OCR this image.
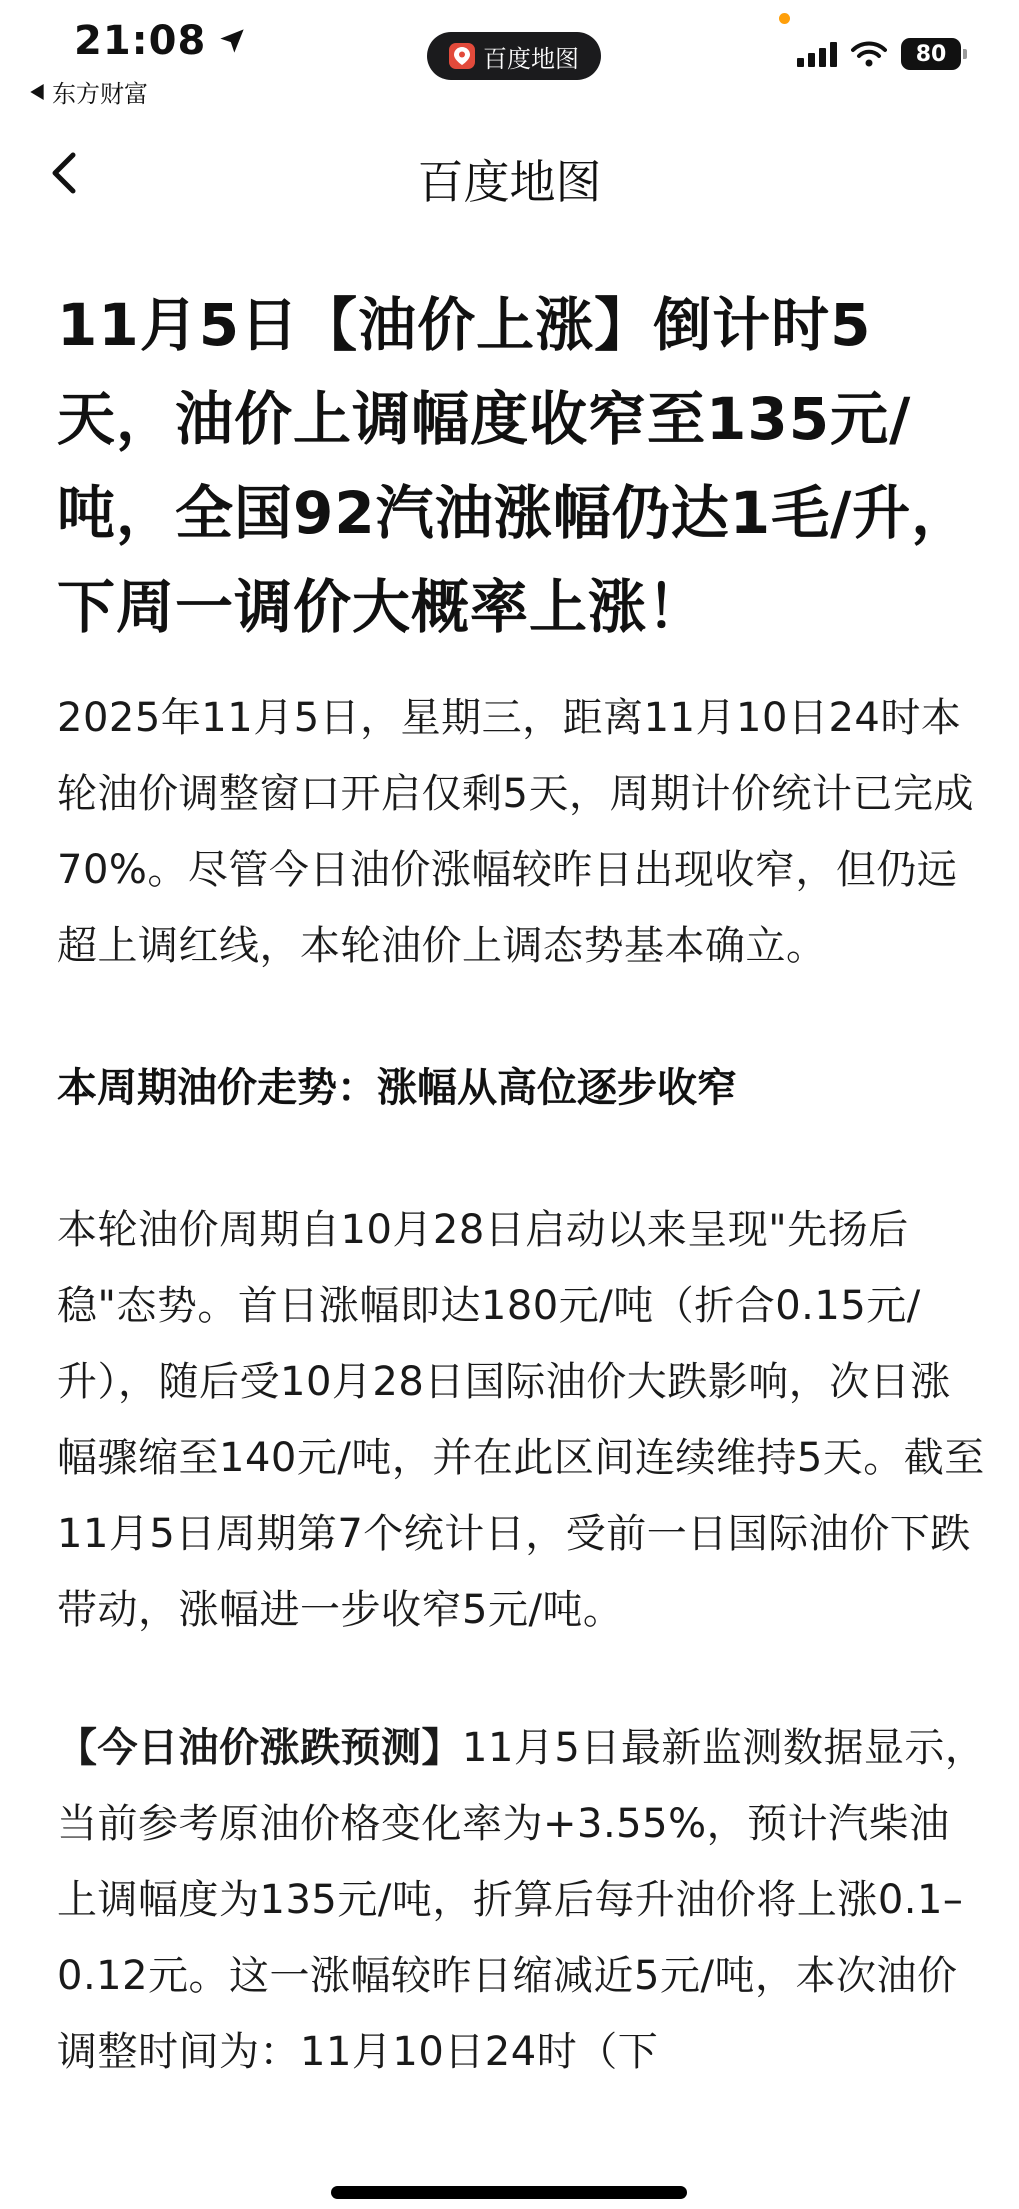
21:08
东方财富
百度地图	80
百度地图
11月5日【油价上涨】倒计时5天，油价上调幅度收窄至135元/吨，全国92汽油涨幅仍达1毛/升，下周一调价大概率上涨！

2025年11月5日，星期三，距离11月10日24时本轮油价调整窗口开启仅剩5天，周期计价统计已完成70%。尽管今日油价涨幅较昨日出现收窄，但仍远超上调红线，本轮油价上调态势基本确立。

本周期油价走势：涨幅从高位逐步收窄

本轮油价周期自10月28日启动以来呈现"先扬后稳"态势。首日涨幅即达180元/吨（折合0.15元/升），随后受10月28日国际油价大跌影响，次日涨幅骤缩至140元/吨，并在此区间连续维持5天。截至11月5日周期第7个统计日，受前一日国际油价下跌带动，涨幅进一步收窄5元/吨。

【今日油价涨跌预测】11月5日最新监测数据显示，当前参考原油价格变化率为+3.55%，预计汽柴油上调幅度为135元/吨，折算后每升油价将上涨0.1–0.12元。这一涨幅较昨日缩减近5元/吨，本次油价调整时间为：11月10日24时（下
